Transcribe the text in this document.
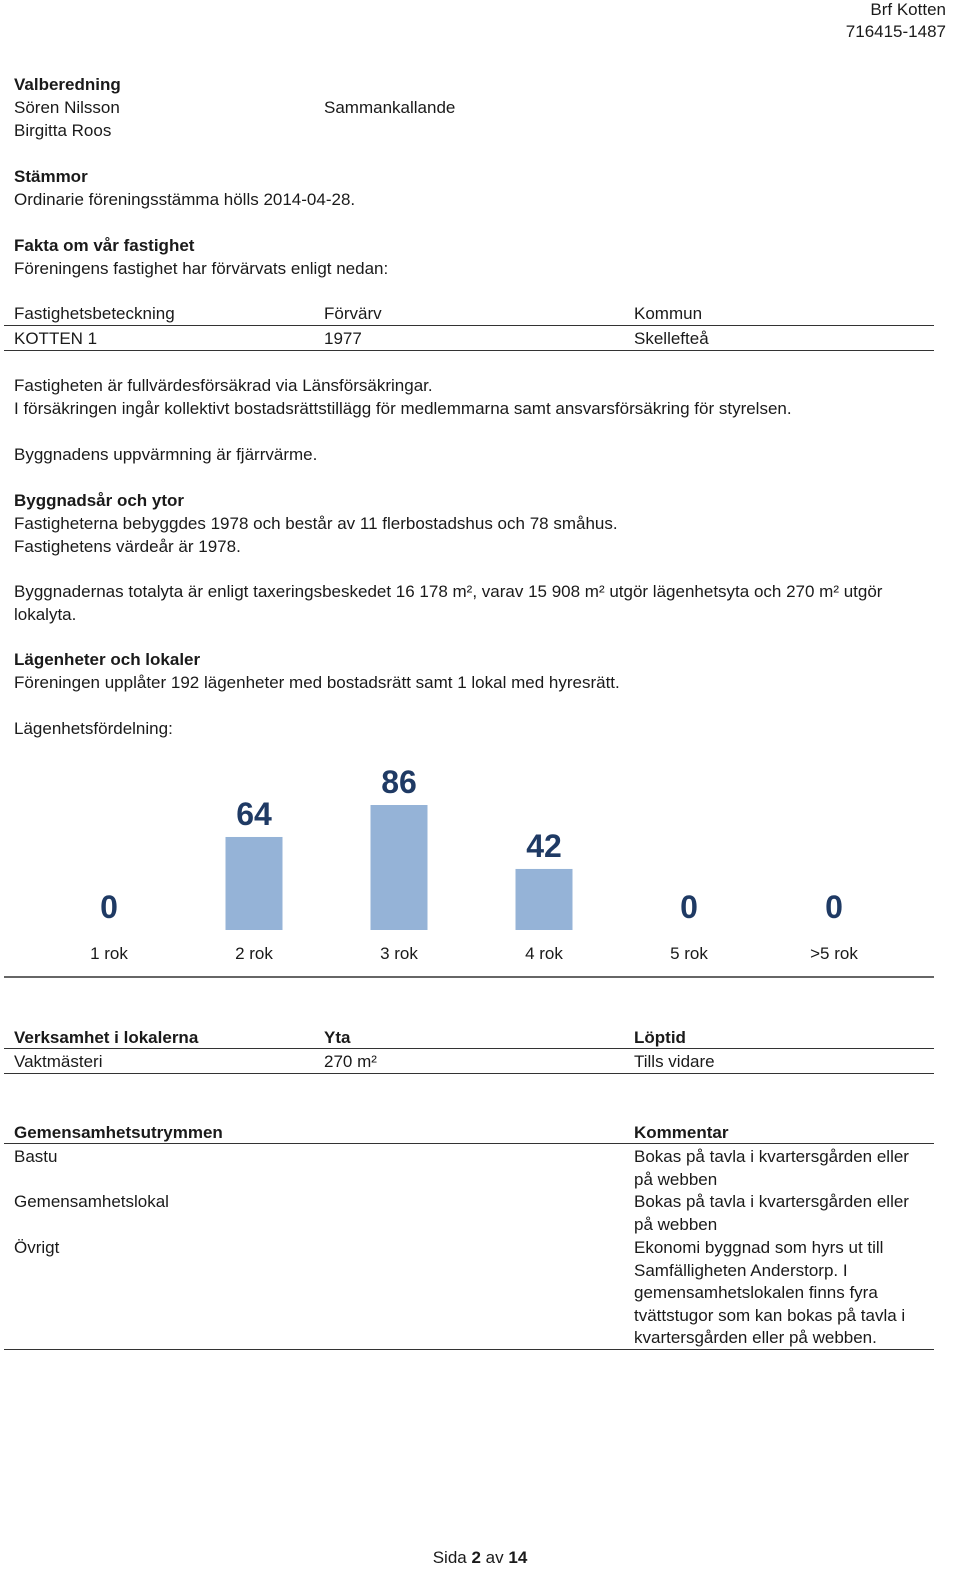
Brf Kotten
716415-1487
Valberedning
Sören Nilsson	Sammankallande
Birgitta Roos
Stämmor
Ordinarie föreningsstämma hölls 2014-04-28.
Fakta om vår fastighet
Föreningens fastighet har förvärvats enligt nedan:
Fastighetsbeteckning	Förvärv	Kommun
KOTTEN 1	1977	Skellefteå
Fastigheten är fullvärdesförsäkrad via Länsförsäkringar.
I försäkringen ingår kollektivt bostadsrättstillägg för medlemmarna samt ansvarsförsäkring för styrelsen.
Byggnadens uppvärmning är fjärrvärme.
Byggnadsår och ytor
Fastigheterna bebyggdes 1978 och består av 11 flerbostadshus och 78 småhus.
Fastighetens värdeår är 1978.
Byggnadernas totalyta är enligt taxeringsbeskedet 16 178 m², varav 15 908 m² utgör lägenhetsyta och 270 m² utgör
lokalyta.
Lägenheter och lokaler
Föreningen upplåter 192 lägenheter med bostadsrätt samt 1 lokal med hyresrätt.
Lägenhetsfördelning:
0
1 rok
64
2 rok
86
3 rok
42
4 rok
0
5 rok
0
>5 rok
Verksamhet i lokalerna	Yta	Löptid
Vaktmästeri	270 m²	Tills vidare
Gemensamhetsutrymmen	Kommentar
Bastu	Bokas på tavla i kvartersgården eller
på webben
Gemensamhetslokal	Bokas på tavla i kvartersgården eller
på webben
Övrigt	Ekonomi byggnad som hyrs ut till
Samfälligheten Anderstorp. I
gemensamhetslokalen finns fyra
tvättstugor som kan bokas på tavla i
kvartersgården eller på webben.
Sida 2 av 14
